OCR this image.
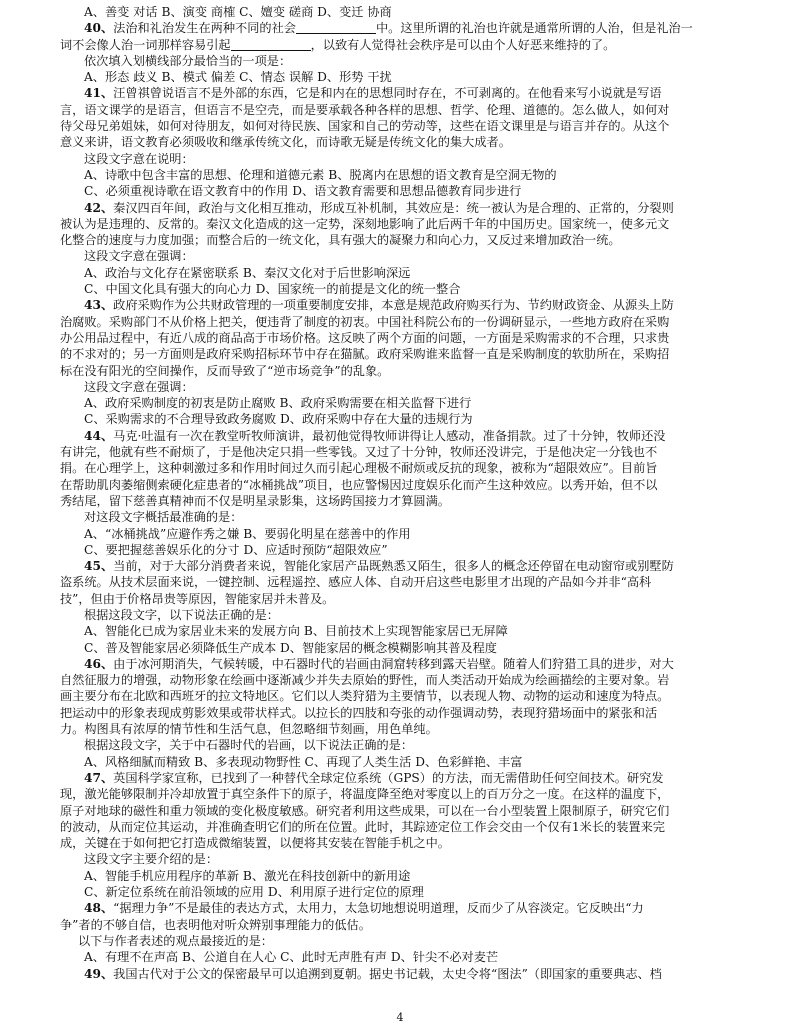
A、善变 对话 B、演变 商榷 C、嬗变 磋商 D、变迁 协商
40、法治和礼治发生在两种不同的社会	中。这里所谓的礼治也许就是通常所谓的人治，但是礼治一
词不会像人治一词那样容易引起	，以致有人觉得社会秩序是可以由个人好恶来维持的了。
依次填入划横线部分最恰当的一项是：
A、形态 歧义 B、模式 偏差 C、情态 误解 D、形势 干扰
41、汪曾祺曾说语言不是外部的东西，它是和内在的思想同时存在，不可剥离的。在他看来写小说就是写语
言，语文课学的是语言，但语言不是空壳，而是要承载各种各样的思想、哲学、伦理、道德的。怎么做人，如何对
待父母兄弟姐妹，如何对待朋友，如何对待民族、国家和自己的劳动等，这些在语文课里是与语言并存的。从这个
意义来讲，语文教育必须吸收和继承传统文化，而诗歌无疑是传统文化的集大成者。
这段文字意在说明：
A、诗歌中包含丰富的思想、伦理和道德元素 B、脱离内在思想的语文教育是空洞无物的
C、必须重视诗歌在语文教育中的作用 D、语文教育需要和思想品德教育同步进行
42、秦汉四百年间，政治与文化相互推动，形成互补机制，其效应是：统一被认为是合理的、正常的，分裂则
被认为是违理的、反常的。秦汉文化造成的这一定势，深刻地影响了此后两千年的中国历史。国家统一，使多元文
化整合的速度与力度加强；而整合后的一统文化，具有强大的凝聚力和向心力，又反过来增加政治一统。
这段文字意在强调：
A、政治与文化存在紧密联系 B、秦汉文化对于后世影响深远
C、中国文化具有强大的向心力 D、国家统一的前提是文化的统一整合
43、政府采购作为公共财政管理的一项重要制度安排，本意是规范政府购买行为、节约财政资金、从源头上防
治腐败。采购部门不从价格上把关，便违背了制度的初衷。中国社科院公布的一份调研显示，一些地方政府在采购
办公用品过程中，有近八成的商品高于市场价格。这反映了两个方面的问题，一方面是采购需求的不合理，只求贵
的不求对的；另一方面则是政府采购招标环节中存在猫腻。政府采购谁来监督一直是采购制度的软肋所在，采购招
标在没有阳光的空间操作，反而导致了“逆市场竞争”的乱象。
这段文字意在强调：
A、政府采购制度的初衷是防止腐败 B、政府采购需要在相关监督下进行
C、采购需求的不合理导致政务腐败 D、政府采购中存在大量的违规行为
44、马克·吐温有一次在教堂听牧师演讲，最初他觉得牧师讲得让人感动，准备捐款。过了十分钟，牧师还没
有讲完，他就有些不耐烦了，于是他决定只捐一些零钱。又过了十分钟，牧师还没讲完，于是他决定一分钱也不
捐。在心理学上，这种刺激过多和作用时间过久而引起心理极不耐烦或反抗的现象，被称为“超限效应”。目前旨
在帮助肌肉萎缩侧索硬化症患者的“冰桶挑战”项目，也应警惕因过度娱乐化而产生这种效应。以秀开始，但不以
秀结尾，留下慈善真精神而不仅是明星录影集，这场跨国接力才算圆满。
对这段文字概括最准确的是：
A、“冰桶挑战”应避作秀之嫌 B、要弱化明星在慈善中的作用
C、要把握慈善娱乐化的分寸 D、应适时预防“超限效应”
45、当前，对于大部分消费者来说，智能化家居产品既熟悉又陌生，很多人的概念还停留在电动窗帘或别墅防
盗系统。从技术层面来说，一键控制、远程遥控、感应人体、自动开启这些电影里才出现的产品如今并非“高科
技”，但由于价格昂贵等原因，智能家居并未普及。
根据这段文字，以下说法正确的是：
A、智能化已成为家居业未来的发展方向 B、目前技术上实现智能家居已无屏障
C、普及智能家居必须降低生产成本 D、智能家居的概念模糊影响其普及程度
46、由于冰河期消失，气候转暖，中石器时代的岩画由洞窟转移到露天岩壁。随着人们狩猎工具的进步，对大
自然征服力的增强，动物形象在绘画中逐渐减少并失去原始的野性，而人类活动开始成为绘画描绘的主要对象。岩
画主要分布在北欧和西班牙的拉文特地区。它们以人类狩猎为主要情节，以表现人物、动物的运动和速度为特点。
把运动中的形象表现成剪影效果或带状样式。以拉长的四肢和夸张的动作强调动势，表现狩猎场面中的紧张和活
力。构图具有浓厚的情节性和生活气息，但忽略细节刻画，用色单纯。
根据这段文字，关于中石器时代的岩画，以下说法正确的是：
A、风格细腻而精致 B、多表现动物野性 C、再现了人类生活 D、色彩鲜艳、丰富
47、英国科学家宣称，已找到了一种替代全球定位系统（GPS）的方法，而无需借助任何空间技术。研究发
现，激光能够限制并冷却放置于真空条件下的原子，将温度降至绝对零度以上的百万分之一度。在这样的温度下，
原子对地球的磁性和重力领域的变化极度敏感。研究者利用这些成果，可以在一台小型装置上限制原子，研究它们
的波动，从而定位其运动，并准确查明它们的所在位置。此时，其踪迹定位工作会交由一个仅有1米长的装置来完
成，关键在于如何把它打造成微缩装置，以便将其安装在智能手机之中。
这段文字主要介绍的是：
A、智能手机应用程序的革新 B、激光在科技创新中的新用途
C、新定位系统在前沿领域的应用 D、利用原子进行定位的原理
48、“据理力争”不是最佳的表达方式，太用力，太急切地想说明道理，反而少了从容淡定。它反映出“力
争”者的不够自信，也表明他对听众辨别事理能力的低估。
以下与作者表述的观点最接近的是：
A、有理不在声高 B、公道自在人心 C、此时无声胜有声 D、针尖不必对麦芒
49、我国古代对于公文的保密最早可以追溯到夏朝。据史书记载，太史令将“图法”（即国家的重要典志、档
4
